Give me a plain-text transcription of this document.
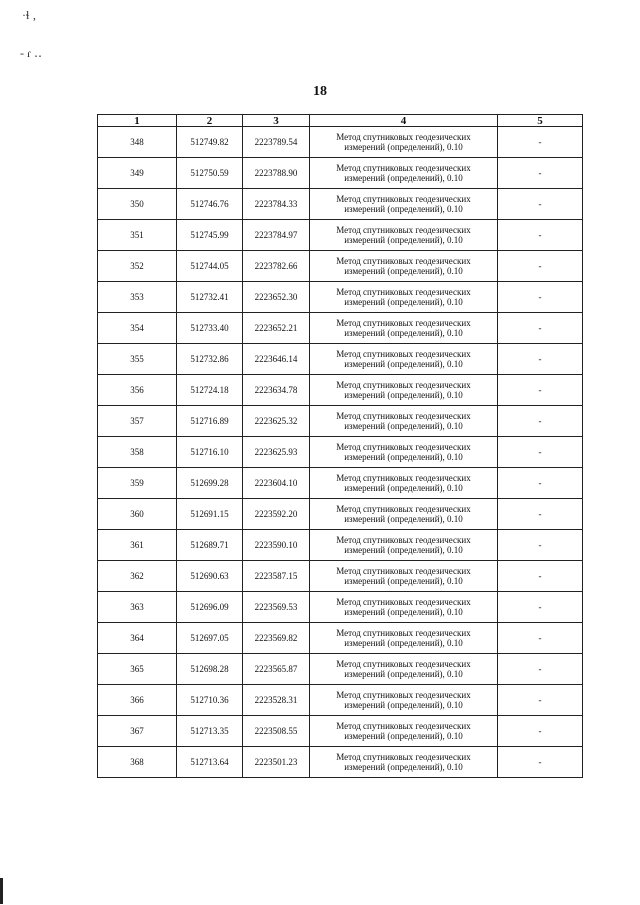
·ɬ ‚
- ɾ ‥
18
1	2	3	4	5
348	512749.82	2223789.54	Метод спутниковых геодезических
измерений (определений), 0.10	-
349	512750.59	2223788.90	Метод спутниковых геодезических
измерений (определений), 0.10	-
350	512746.76	2223784.33	Метод спутниковых геодезических
измерений (определений), 0.10	-
351	512745.99	2223784.97	Метод спутниковых геодезических
измерений (определений), 0.10	-
352	512744.05	2223782.66	Метод спутниковых геодезических
измерений (определений), 0.10	-
353	512732.41	2223652.30	Метод спутниковых геодезических
измерений (определений), 0.10	-
354	512733.40	2223652.21	Метод спутниковых геодезических
измерений (определений), 0.10	-
355	512732.86	2223646.14	Метод спутниковых геодезических
измерений (определений), 0.10	-
356	512724.18	2223634.78	Метод спутниковых геодезических
измерений (определений), 0.10	-
357	512716.89	2223625.32	Метод спутниковых геодезических
измерений (определений), 0.10	-
358	512716.10	2223625.93	Метод спутниковых геодезических
измерений (определений), 0.10	-
359	512699.28	2223604.10	Метод спутниковых геодезических
измерений (определений), 0.10	-
360	512691.15	2223592.20	Метод спутниковых геодезических
измерений (определений), 0.10	-
361	512689.71	2223590.10	Метод спутниковых геодезических
измерений (определений), 0.10	-
362	512690.63	2223587.15	Метод спутниковых геодезических
измерений (определений), 0.10	-
363	512696.09	2223569.53	Метод спутниковых геодезических
измерений (определений), 0.10	-
364	512697.05	2223569.82	Метод спутниковых геодезических
измерений (определений), 0.10	-
365	512698.28	2223565.87	Метод спутниковых геодезических
измерений (определений), 0.10	-
366	512710.36	2223528.31	Метод спутниковых геодезических
измерений (определений), 0.10	-
367	512713.35	2223508.55	Метод спутниковых геодезических
измерений (определений), 0.10	-
368	512713.64	2223501.23	Метод спутниковых геодезических
измерений (определений), 0.10	-
